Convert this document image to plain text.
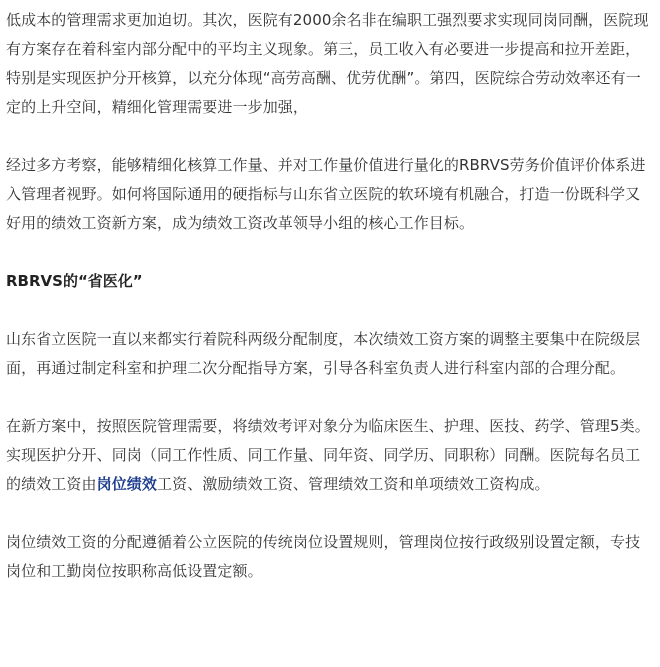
低成本的管理需求更加迫切。其次，医院有2000余名非在编职工强烈要求实现同岗同酬，医院现有方案存在着科室内部分配中的平均主义现象。第三，员工收入有必要进一步提高和拉开差距，特别是实现医护分开核算，以充分体现“高劳高酬、优劳优酬”。第四，医院综合劳动效率还有一定的上升空间，精细化管理需要进一步加强，

经过多方考察，能够精细化核算工作量、并对工作量价值进行量化的RBRVS劳务价值评价体系进入管理者视野。如何将国际通用的硬指标与山东省立医院的软环境有机融合，打造一份既科学又好用的绩效工资新方案，成为绩效工资改革领导小组的核心工作目标。

RBRVS的“省医化”

山东省立医院一直以来都实行着院科两级分配制度，本次绩效工资方案的调整主要集中在院级层面，再通过制定科室和护理二次分配指导方案，引导各科室负责人进行科室内部的合理分配。

在新方案中，按照医院管理需要，将绩效考评对象分为临床医生、护理、医技、药学、管理5类。实现医护分开、同岗（同工作性质、同工作量、同年资、同学历、同职称）同酬。医院每名员工的绩效工资由岗位绩效工资、激励绩效工资、管理绩效工资和单项绩效工资构成。

岗位绩效工资的分配遵循着公立医院的传统岗位设置规则，管理岗位按行政级别设置定额，专技岗位和工勤岗位按职称高低设置定额。
